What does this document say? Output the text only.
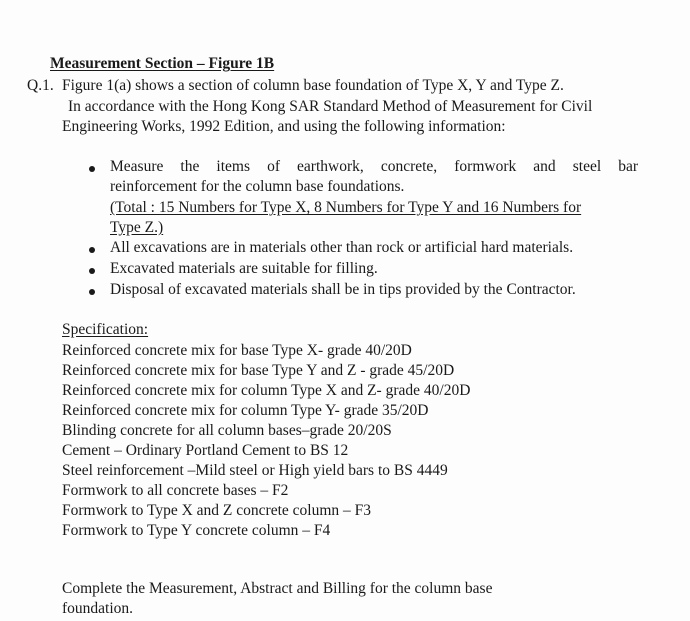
Measurement Section – Figure 1B
Q.1. Figure 1(a) shows a section of column base foundation of Type X, Y and Type Z.
In accordance with the Hong Kong SAR Standard Method of Measurement for Civil
Engineering Works, 1992 Edition, and using the following information:
Measure the items of earthwork, concrete, formwork and steel bar
reinforcement for the column base foundations.
(Total : 15 Numbers for Type X, 8 Numbers for Type Y and 16 Numbers for
Type Z.)
All excavations are in materials other than rock or artificial hard materials.
Excavated materials are suitable for filling.
Disposal of excavated materials shall be in tips provided by the Contractor.
Specification:
Reinforced concrete mix for base Type X- grade 40/20D
Reinforced concrete mix for base Type Y and Z - grade 45/20D
Reinforced concrete mix for column Type X and Z- grade 40/20D
Reinforced concrete mix for column Type Y- grade 35/20D
Blinding concrete for all column bases–grade 20/20S
Cement – Ordinary Portland Cement to BS 12
Steel reinforcement –Mild steel or High yield bars to BS 4449
Formwork to all concrete bases – F2
Formwork to Type X and Z concrete column – F3
Formwork to Type Y concrete column – F4
Complete the Measurement, Abstract and Billing for the column base
foundation.
